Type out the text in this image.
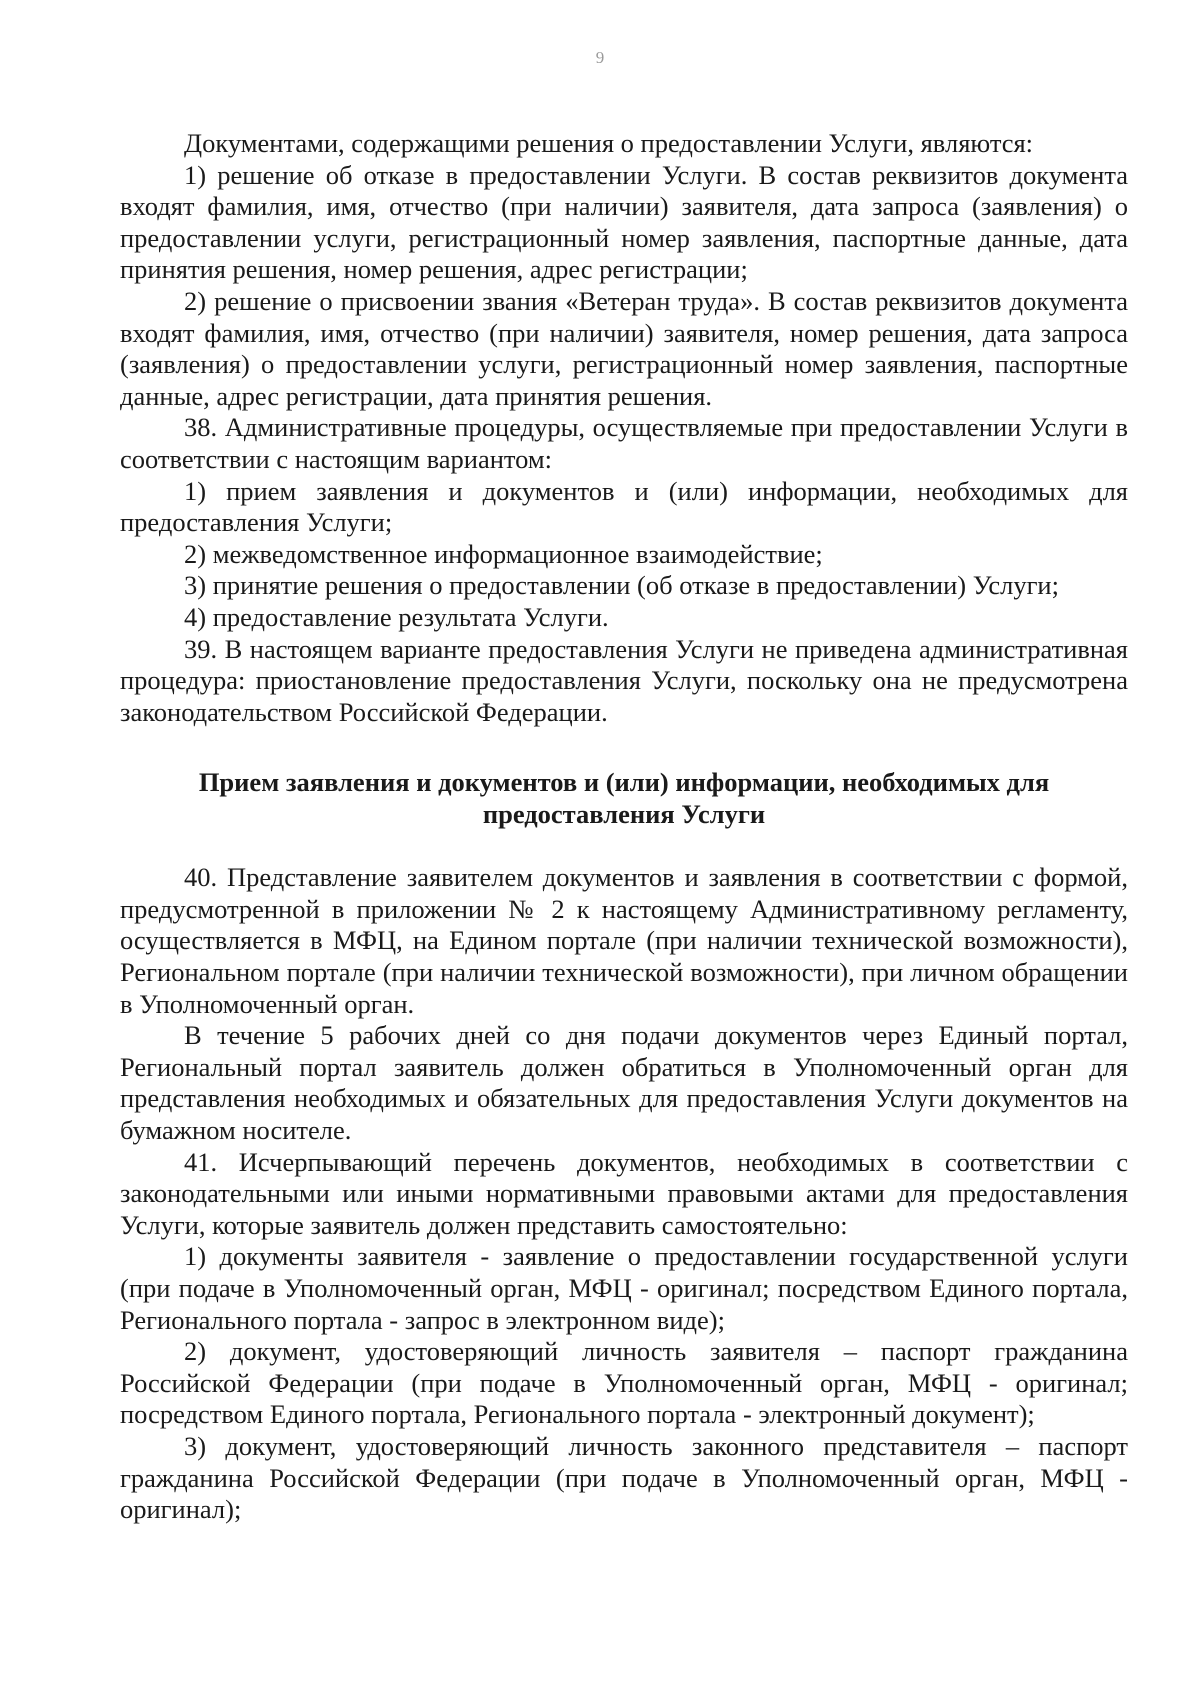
9

Документами, содержащими решения о предоставлении Услуги, являются:

1) решение об отказе в предоставлении Услуги. В состав реквизитов документа входят фамилия, имя, отчество (при наличии) заявителя, дата запроса (заявления) о предоставлении услуги, регистрационный номер заявления, паспортные данные, дата принятия решения, номер решения, адрес регистрации;

2) решение о присвоении звания «Ветеран труда». В состав реквизитов документа входят фамилия, имя, отчество (при наличии) заявителя, номер решения, дата запроса (заявления) о предоставлении услуги, регистрационный номер заявления, паспортные данные, адрес регистрации, дата принятия решения.

38. Административные процедуры, осуществляемые при предоставлении Услуги в соответствии с настоящим вариантом:

1) прием заявления и документов и (или) информации, необходимых для предоставления Услуги;

2) межведомственное информационное взаимодействие;

3) принятие решения о предоставлении (об отказе в предоставлении) Услуги;

4) предоставление результата Услуги.

39. В настоящем варианте предоставления Услуги не приведена административная процедура: приостановление предоставления Услуги, поскольку она не предусмотрена законодательством Российской Федерации.

Прием заявления и документов и (или) информации, необходимых для предоставления Услуги

40. Представление заявителем документов и заявления в соответствии с формой, предусмотренной в приложении № 2 к настоящему Административному регламенту, осуществляется в МФЦ, на Едином портале (при наличии технической возможности), Региональном портале (при наличии технической возможности), при личном обращении в Уполномоченный орган.

В течение 5 рабочих дней со дня подачи документов через Единый портал, Региональный портал заявитель должен обратиться в Уполномоченный орган для представления необходимых и обязательных для предоставления Услуги документов на бумажном носителе.

41. Исчерпывающий перечень документов, необходимых в соответствии с законодательными или иными нормативными правовыми актами для предоставления Услуги, которые заявитель должен представить самостоятельно:

1) документы заявителя - заявление о предоставлении государственной услуги (при подаче в Уполномоченный орган, МФЦ - оригинал; посредством Единого портала, Регионального портала - запрос в электронном виде);

2) документ, удостоверяющий личность заявителя – паспорт гражданина Российской Федерации (при подаче в Уполномоченный орган, МФЦ - оригинал; посредством Единого портала, Регионального портала - электронный документ);

3) документ, удостоверяющий личность законного представителя – паспорт гражданина Российской Федерации (при подаче в Уполномоченный орган, МФЦ - оригинал);
